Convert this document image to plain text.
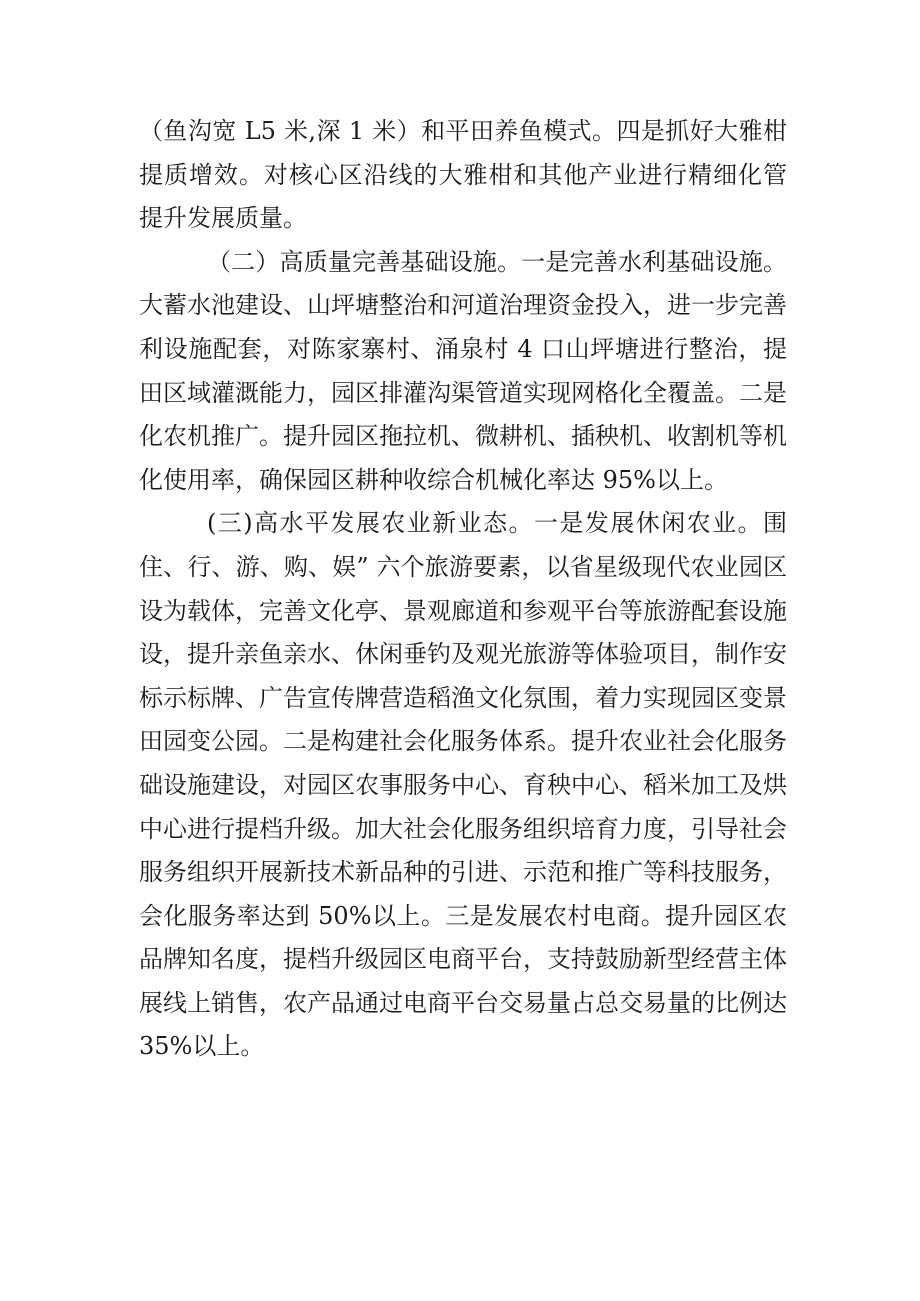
（鱼沟宽 L5 米,深 1 米）和平田养鱼模式。四是抓好大雅柑
提质增效。对核心区沿线的大雅柑和其他产业进行精细化管
提升发展质量。
（二）高质量完善基础设施。一是完善水利基础设施。
大蓄水池建设、山坪塘整治和河道治理资金投入，进一步完善
利设施配套，对陈家寨村、涌泉村 4 口山坪塘进行整治，提
田区域灌溉能力，园区排灌沟渠管道实现网格化全覆盖。二是
化农机推广。提升园区拖拉机、微耕机、插秧机、收割机等机
化使用率，确保园区耕种收综合机械化率达 95%以上。
(三)高水平发展农业新业态。一是发展休闲农业。围
住、行、游、购、娱” 六个旅游要素，以省星级现代农业园区
设为载体，完善文化亭、景观廊道和参观平台等旅游配套设施
设，提升亲鱼亲水、休闲垂钓及观光旅游等体验项目，制作安
标示标牌、广告宣传牌营造稻渔文化氛围，着力实现园区变景
田园变公园。二是构建社会化服务体系。提升农业社会化服务
础设施建设，对园区农事服务中心、育秧中心、稻米加工及烘
中心进行提档升级。加大社会化服务组织培育力度，引导社会
服务组织开展新技术新品种的引进、示范和推广等科技服务，
会化服务率达到 50%以上。三是发展农村电商。提升园区农
品牌知名度，提档升级园区电商平台，支持鼓励新型经营主体
展线上销售，农产品通过电商平台交易量占总交易量的比例达
35%以上。
